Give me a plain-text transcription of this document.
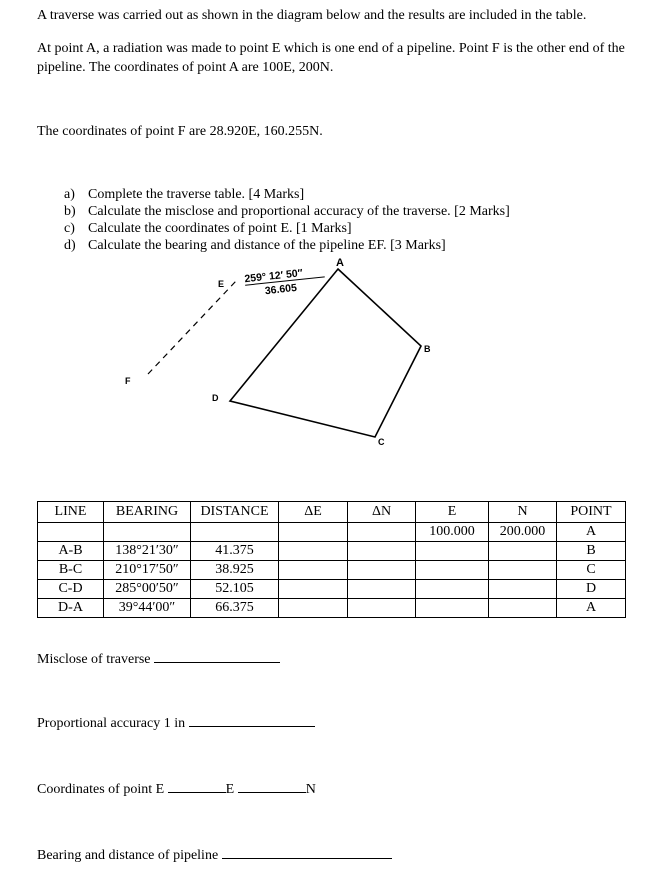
A traverse was carried out as shown in the diagram below and the results are included in the table.
At point A, a radiation was made to point E which is one end of a pipeline. Point F is the other end of the pipeline. The coordinates of point A are 100E, 200N.
The coordinates of point F are 28.920E, 160.255N.
a) Complete the traverse table. [4 Marks]
b) Calculate the misclose and proportional accuracy of the traverse. [2 Marks]
c) Calculate the coordinates of point E. [1 Marks]
d) Calculate the bearing and distance of the pipeline EF. [3 Marks]
A
B
C
D
E
F
259° 12′ 50″
36.605
LINE	BEARING	DISTANCE	ΔE	ΔN	E	N	POINT
					100.000	200.000	A
A-B	138°21′30″	41.375					B
B-C	210°17′50″	38.925					C
C-D	285°00′50″	52.105					D
D-A	39°44′00″	66.375					A
Misclose of traverse
Proportional accuracy 1 in
Coordinates of point E	E	N
Bearing and distance of pipeline
